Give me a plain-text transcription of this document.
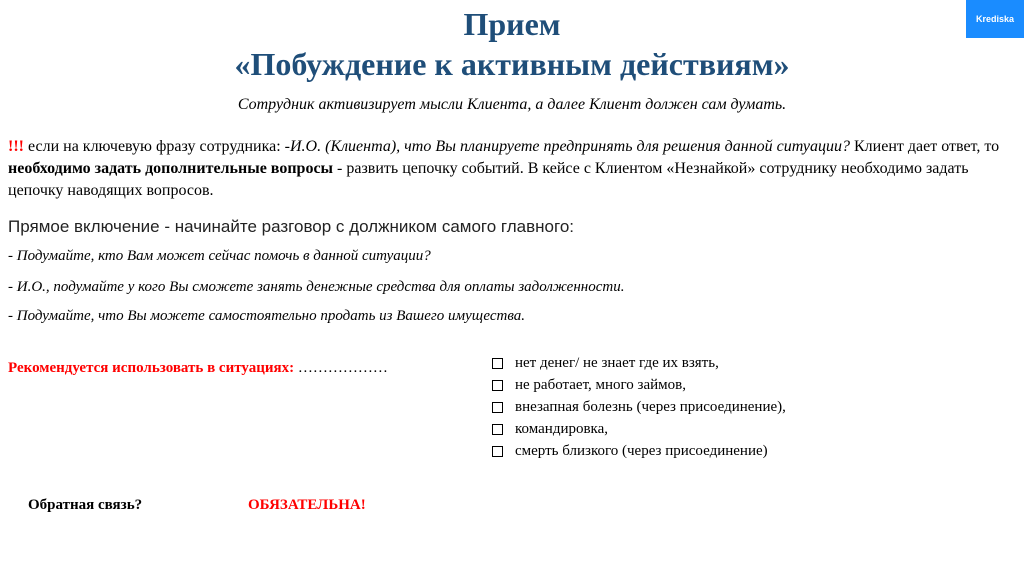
Krediska
Прием
«Побуждение к активным действиям»
Сотрудник активизирует мысли Клиента, а далее Клиент должен сам думать.
!!! если на ключевую фразу сотрудника: -И.О. (Клиента), что Вы планируете предпринять для решения данной ситуации? Клиент дает ответ, то необходимо задать дополнительные вопросы - развить цепочку событий. В кейсе с Клиентом «Незнайкой» сотруднику необходимо задать цепочку наводящих вопросов.
Прямое включение - начинайте разговор с должником самого главного:
- Подумайте, кто Вам может сейчас помочь в данной ситуации?
- И.О., подумайте у кого Вы сможете занять денежные средства для оплаты задолженности.
- Подумайте, что Вы можете самостоятельно продать из Вашего имущества.
Рекомендуется использовать в ситуациях: ………………	нет денег/ не знает где их взять,
не работает, много займов,
внезапная болезнь (через присоединение),
командировка,
смерть близкого (через присоединение)
Обратная связь?	ОБЯЗАТЕЛЬНА!
